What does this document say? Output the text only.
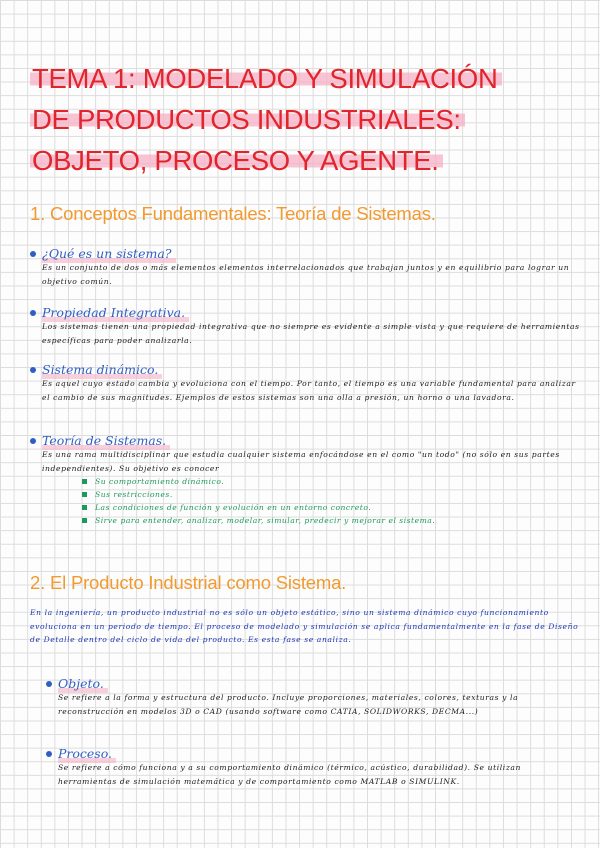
TEMA 1: MODELADO Y SIMULACIÓN
DE PRODUCTOS INDUSTRIALES:
OBJETO, PROCESO Y AGENTE.
1. Conceptos Fundamentales: Teoría de Sistemas.
¿Qué es un sistema?
Es un conjunto de dos o más elementos elementos interrelacionados que trabajan juntos y en equilibrio para lograr un objetivo común.
Propiedad Integrativa.
Los sistemas tienen una propiedad integrativa que no siempre es evidente a simple vista y que requiere de herramientas específicas para poder analizarla.
Sistema dinámico.
Es aquel cuyo estado cambia y evoluciona con el tiempo. Por tanto, el tiempo es una variable fundamental para analizar el cambio de sus magnitudes. Ejemplos de estos sistemas son una olla a presión, un horno o una lavadora.
Teoría de Sistemas.
Es una rama multidisciplinar que estudia cualquier sistema enfocándose en el como "un todo" (no sólo en sus partes independientes). Su objetivo es conocer
Su comportamiento dinámico.
Sus restricciones.
Las condiciones de función y evolución en un entorno concreto.
Sirve para entender, analizar, modelar, simular, predecir y mejorar el sistema.
2. El Producto Industrial como Sistema.
En la ingeniería, un producto industrial no es sólo un objeto estático, sino un sistema dinámico cuyo funcionamiento evoluciona en un periodo de tiempo. El proceso de modelado y simulación se aplica fundamentalmente en la fase de Diseño de Detalle dentro del ciclo de vida del producto. Es esta fase se analiza.
Objeto.
Se refiere a la forma y estructura del producto. Incluye proporciones, materiales, colores, texturas y la reconstrucción en modelos 3D o CAD (usando software como CATIA, SOLIDWORKS, DECMA...)
Proceso.
Se refiere a cómo funciona y a su comportamiento dinámico (térmico, acústico, durabilidad). Se utilizan herramientas de simulación matemática y de comportamiento como MATLAB o SIMULINK.
